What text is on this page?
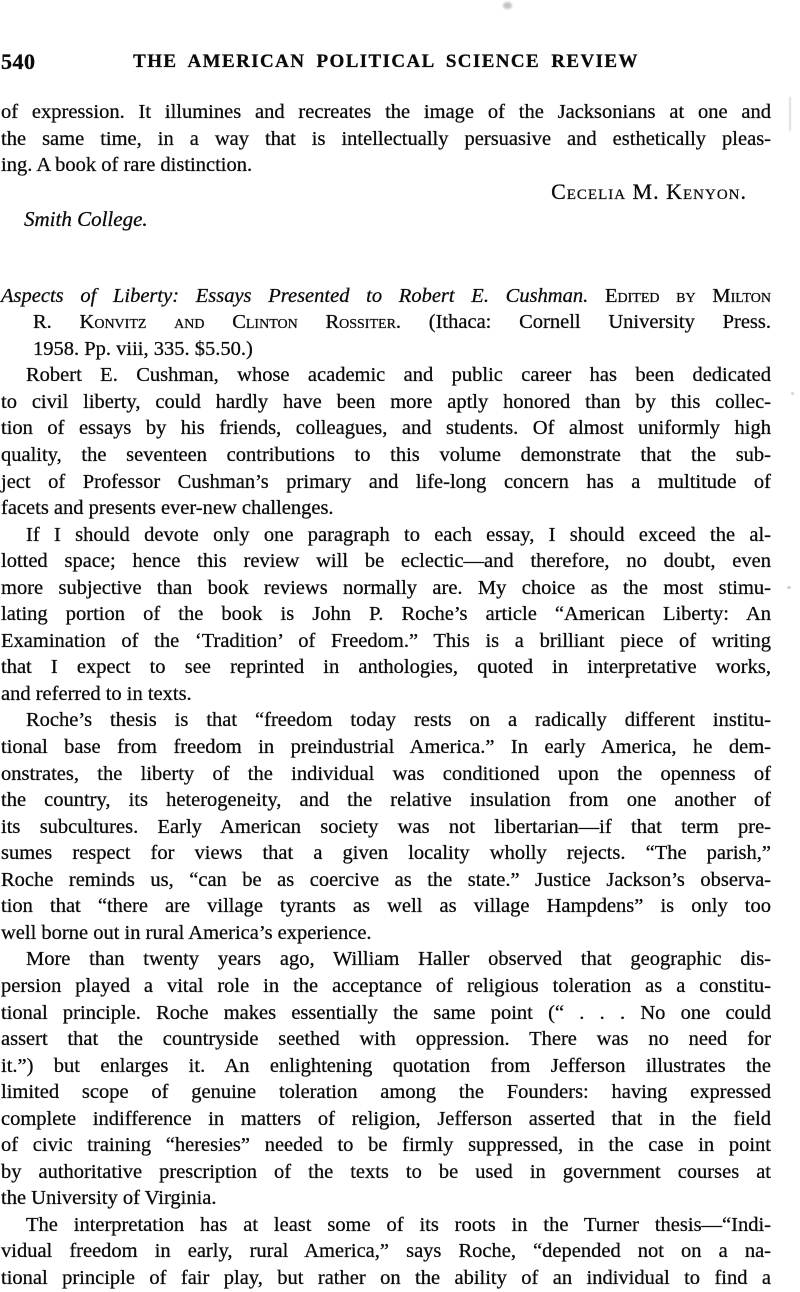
540	THE AMERICAN POLITICAL SCIENCE REVIEW
of expression. It illumines and recreates the image of the Jacksonians at one and
the same time, in a way that is intellectually persuasive and esthetically pleas-
ing. A book of rare distinction.
Cecelia M. Kenyon.
Smith College.
Aspects of Liberty: Essays Presented to Robert E. Cushman. Edited by Milton
R. Konvitz and Clinton Rossiter. (Ithaca: Cornell University Press.
1958. Pp. viii, 335. $5.50.)
Robert E. Cushman, whose academic and public career has been dedicated
to civil liberty, could hardly have been more aptly honored than by this collec-
tion of essays by his friends, colleagues, and students. Of almost uniformly high
quality, the seventeen contributions to this volume demonstrate that the sub-
ject of Professor Cushman’s primary and life-long concern has a multitude of
facets and presents ever-new challenges.
If I should devote only one paragraph to each essay, I should exceed the al-
lotted space; hence this review will be eclectic—and therefore, no doubt, even
more subjective than book reviews normally are. My choice as the most stimu-
lating portion of the book is John P. Roche’s article “American Liberty: An
Examination of the ‘Tradition’ of Freedom.” This is a brilliant piece of writing
that I expect to see reprinted in anthologies, quoted in interpretative works,
and referred to in texts.
Roche’s thesis is that “freedom today rests on a radically different institu-
tional base from freedom in preindustrial America.” In early America, he dem-
onstrates, the liberty of the individual was conditioned upon the openness of
the country, its heterogeneity, and the relative insulation from one another of
its subcultures. Early American society was not libertarian—if that term pre-
sumes respect for views that a given locality wholly rejects. “The parish,”
Roche reminds us, “can be as coercive as the state.” Justice Jackson’s observa-
tion that “there are village tyrants as well as village Hampdens” is only too
well borne out in rural America’s experience.
More than twenty years ago, William Haller observed that geographic dis-
persion played a vital role in the acceptance of religious toleration as a constitu-
tional principle. Roche makes essentially the same point (“ . . . No one could
assert that the countryside seethed with oppression. There was no need for
it.”) but enlarges it. An enlightening quotation from Jefferson illustrates the
limited scope of genuine toleration among the Founders: having expressed
complete indifference in matters of religion, Jefferson asserted that in the field
of civic training “heresies” needed to be firmly suppressed, in the case in point
by authoritative prescription of the texts to be used in government courses at
the University of Virginia.
The interpretation has at least some of its roots in the Turner thesis—“Indi-
vidual freedom in early, rural America,” says Roche, “depended not on a na-
tional principle of fair play, but rather on the ability of an individual to find a
